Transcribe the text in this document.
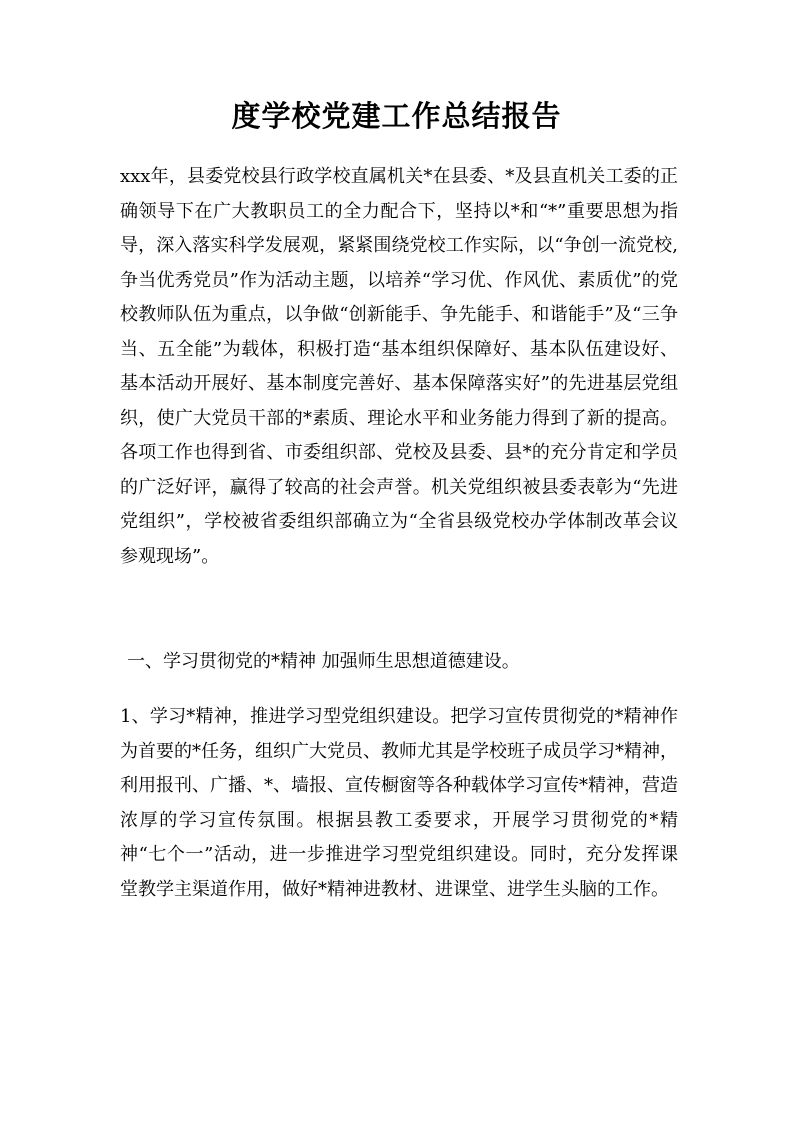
度学校党建工作总结报告

xxx年，县委党校县行政学校直属机关*在县委、*及县直机关工委的正确领导下在广大教职员工的全力配合下，坚持以*和“*”重要思想为指导，深入落实科学发展观，紧紧围绕党校工作实际，以“争创一流党校,争当优秀党员”作为活动主题，以培养“学习优、作风优、素质优”的党校教师队伍为重点，以争做“创新能手、争先能手、和谐能手”及“三争当、五全能”为载体，积极打造“基本组织保障好、基本队伍建设好、基本活动开展好、基本制度完善好、基本保障落实好”的先进基层党组织，使广大党员干部的*素质、理论水平和业务能力得到了新的提高。各项工作也得到省、市委组织部、党校及县委、县*的充分肯定和学员的广泛好评，赢得了较高的社会声誉。机关党组织被县委表彰为“先进党组织”，学校被省委组织部确立为“全省县级党校办学体制改革会议参观现场”。

一、学习贯彻党的*精神 加强师生思想道德建设。

1、学习*精神，推进学习型党组织建设。把学习宣传贯彻党的*精神作为首要的*任务，组织广大党员、教师尤其是学校班子成员学习*精神，利用报刊、广播、*、墙报、宣传橱窗等各种载体学习宣传*精神，营造浓厚的学习宣传氛围。根据县教工委要求，开展学习贯彻党的*精神“七个一”活动，进一步推进学习型党组织建设。同时，充分发挥课堂教学主渠道作用，做好*精神进教材、进课堂、进学生头脑的工作。
